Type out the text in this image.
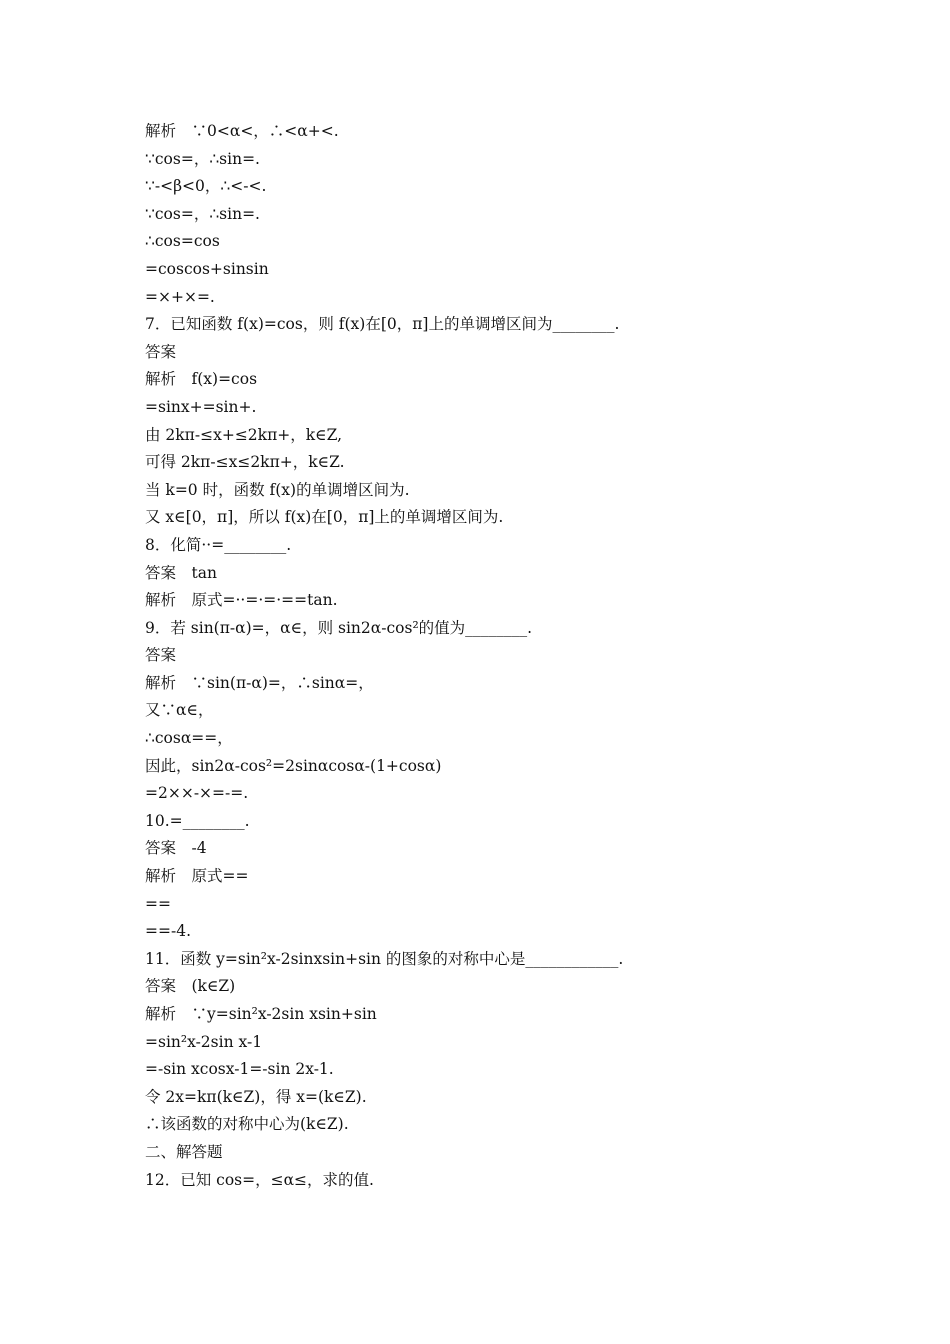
解析　∵0<α<，∴<α+<.
∵cos=，∴sin=.
∵-<β<0，∴<-<.
∵cos=，∴sin=.
∴cos=cos
=coscos+sinsin
=×+×=.
7．已知函数 f(x)=cos，则 f(x)在[0，π]上的单调增区间为________.
答案
解析　f(x)=cos
=sinx+=sin+.
由 2kπ-≤x+≤2kπ+，k∈Z,
可得 2kπ-≤x≤2kπ+，k∈Z.
当 k=0 时，函数 f(x)的单调增区间为.
又 x∈[0，π]，所以 f(x)在[0，π]上的单调增区间为.
8．化简··=________.
答案　tan
解析　原式=··=·=·==tan.
9．若 sin(π-α)=，α∈，则 sin2α-cos²的值为________.
答案
解析　∵sin(π-α)=，∴sinα=，
又∵α∈，
∴cosα==，
因此，sin2α-cos²=2sinαcosα-(1+cosα)
=2××-×=-=.
10.=________.
答案　-4
解析　原式==
==
==-4.
11．函数 y=sin²x-2sinxsin+sin 的图象的对称中心是____________.
答案　(k∈Z)
解析　∵y=sin²x-2sin xsin+sin
=sin²x-2sin x-1
=-sin xcosx-1=-sin 2x-1.
令 2x=kπ(k∈Z)，得 x=(k∈Z).
∴该函数的对称中心为(k∈Z).
二、解答题
12．已知 cos=，≤α≤，求的值.
